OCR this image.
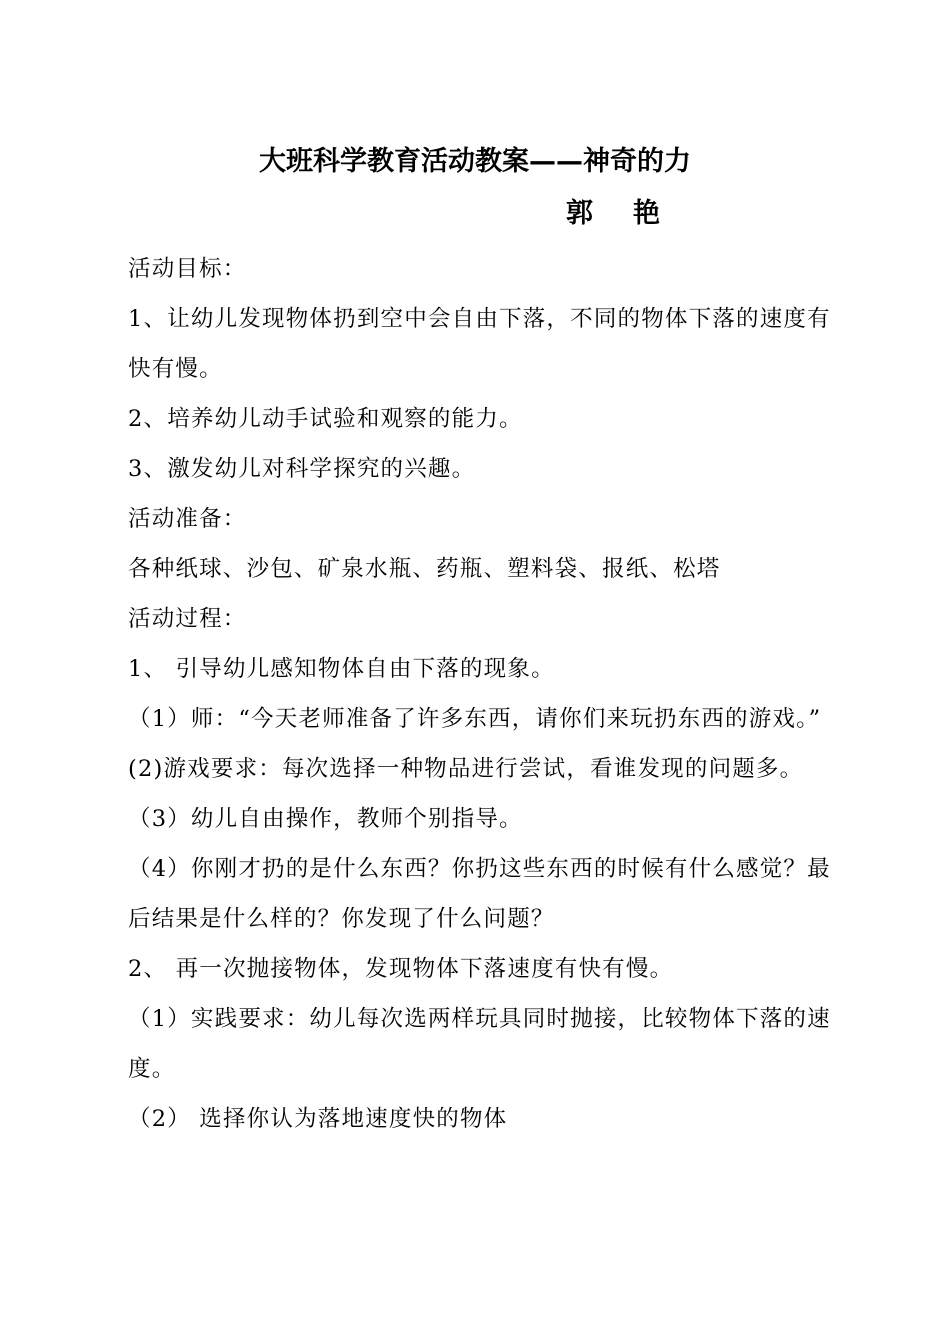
大班科学教育活动教案——神奇的力
郭艳
活动目标：
1、让幼儿发现物体扔到空中会自由下落，不同的物体下落的速度有快有慢。
2、培养幼儿动手试验和观察的能力。
3、激发幼儿对科学探究的兴趣。
活动准备：
各种纸球、沙包、矿泉水瓶、药瓶、塑料袋、报纸、松塔
活动过程：
1、 引导幼儿感知物体自由下落的现象。
（1）师：“今天老师准备了许多东西，请你们来玩扔东西的游戏。”
(2)游戏要求：每次选择一种物品进行尝试，看谁发现的问题多。
（3）幼儿自由操作，教师个别指导。
（4）你刚才扔的是什么东西？你扔这些东西的时候有什么感觉？最后结果是什么样的？你发现了什么问题？
2、 再一次抛接物体，发现物体下落速度有快有慢。
（1）实践要求：幼儿每次选两样玩具同时抛接，比较物体下落的速度。
（2） 选择你认为落地速度快的物体
